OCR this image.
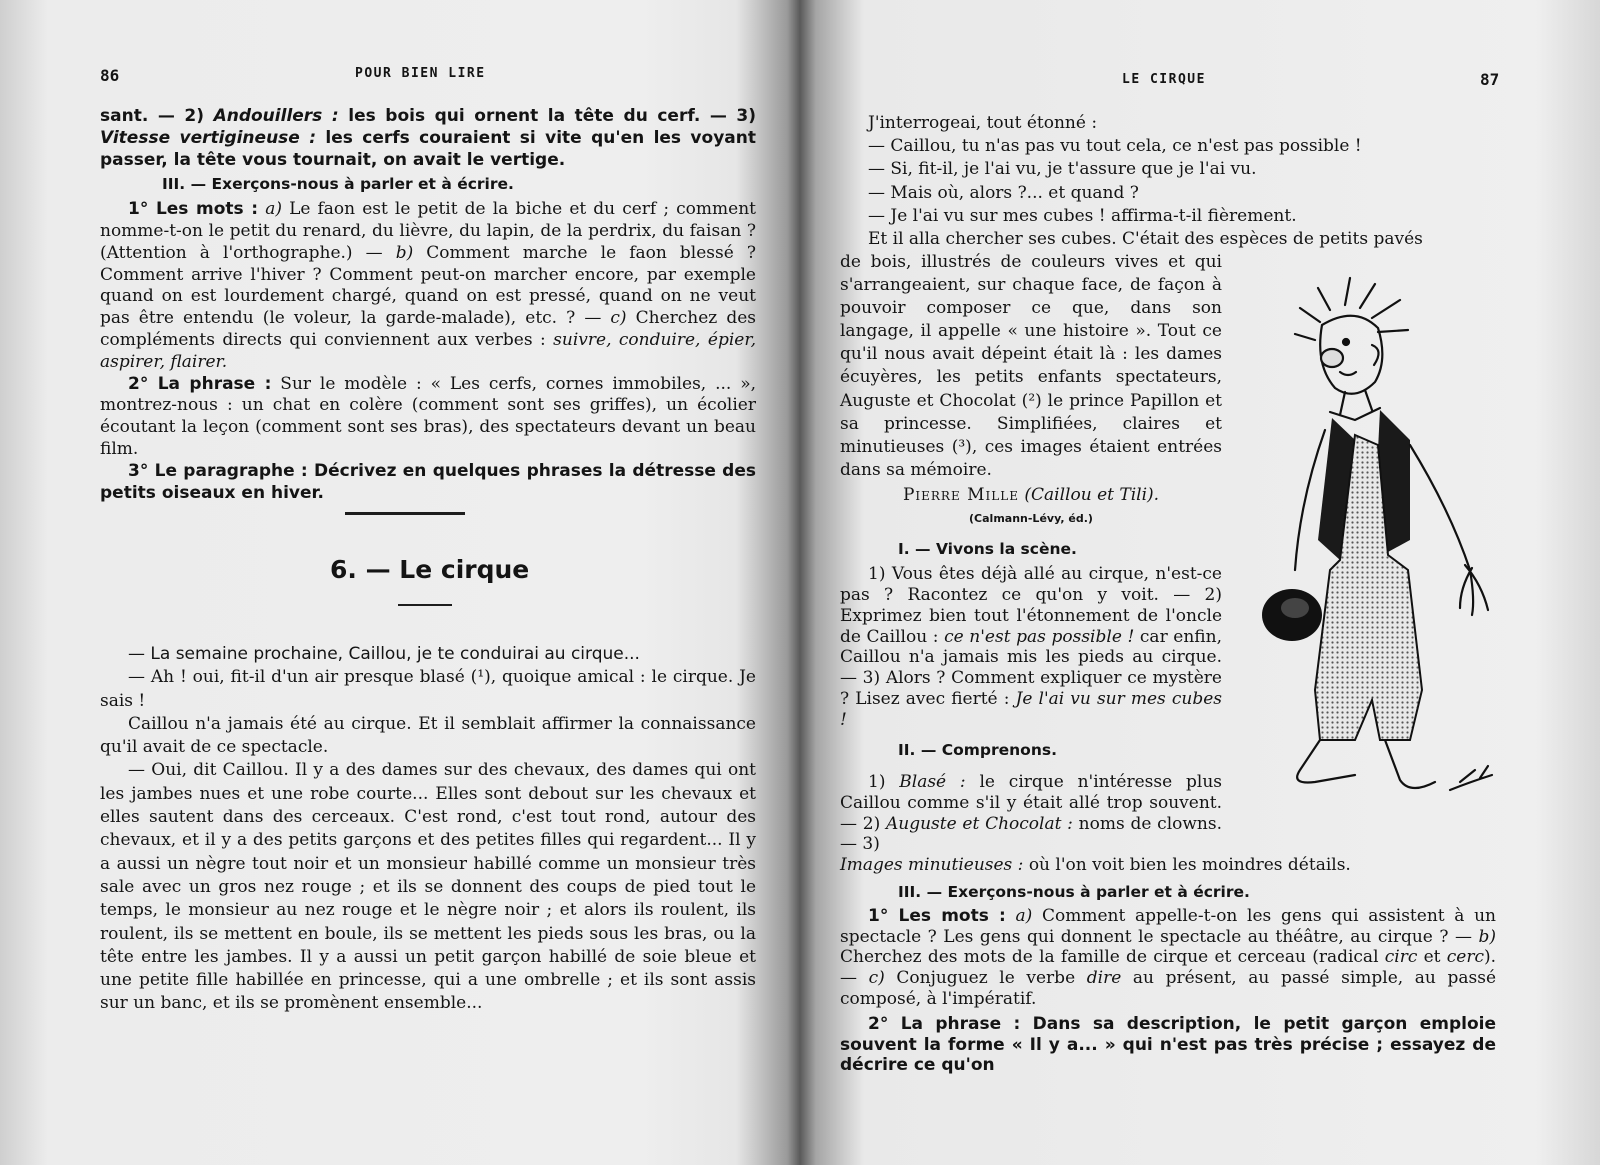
86	POUR BIEN LIRE

sant. — 2) Andouillers : les bois qui ornent la tête du cerf. — 3) Vitesse vertigineuse : les cerfs couraient si vite qu'en les voyant passer, la tête vous tournait, on avait le vertige.

III. — Exerçons-nous à parler et à écrire.

1° Les mots : a) Le faon est le petit de la biche et du cerf ; comment nomme-t-on le petit du renard, du lièvre, du lapin, de la perdrix, du faisan ? (Attention à l'orthographe.) — b) Comment marche le faon blessé ? Comment arrive l'hiver ? Comment peut-on marcher encore, par exemple quand on est lourdement chargé, quand on est pressé, quand on ne veut pas être entendu (le voleur, la garde-malade), etc. ? — c) Cherchez des compléments directs qui conviennent aux verbes : suivre, conduire, épier, aspirer, flairer.

2° La phrase : Sur le modèle : « Les cerfs, cornes immobiles, ... », montrez-nous : un chat en colère (comment sont ses griffes), un écolier écoutant la leçon (comment sont ses bras), des spectateurs devant un beau film.

3° Le paragraphe : Décrivez en quelques phrases la détresse des petits oiseaux en hiver.

6. — Le cirque

— La semaine prochaine, Caillou, je te conduirai au cirque...

— Ah ! oui, fit-il d'un air presque blasé (¹), quoique amical : le cirque. Je sais !

Caillou n'a jamais été au cirque. Et il semblait affirmer la connaissance qu'il avait de ce spectacle.

— Oui, dit Caillou. Il y a des dames sur des chevaux, des dames qui ont les jambes nues et une robe courte... Elles sont debout sur les chevaux et elles sautent dans des cerceaux. C'est rond, c'est tout rond, autour des chevaux, et il y a des petits garçons et des petites filles qui regardent... Il y a aussi un nègre tout noir et un monsieur habillé comme un monsieur très sale avec un gros nez rouge ; et ils se donnent des coups de pied tout le temps, le monsieur au nez rouge et le nègre noir ; et alors ils roulent, ils roulent, ils se mettent en boule, ils se mettent les pieds sous les bras, ou la tête entre les jambes. Il y a aussi un petit garçon habillé de soie bleue et une petite fille habillée en princesse, qui a une ombrelle ; et ils sont assis sur un banc, et ils se promènent ensemble...

LE CIRQUE	87

J'interrogeai, tout étonné :

— Caillou, tu n'as pas vu tout cela, ce n'est pas possible !

— Si, fit-il, je l'ai vu, je t'assure que je l'ai vu.

— Mais où, alors ?... et quand ?

— Je l'ai vu sur mes cubes ! affirma-t-il fièrement.

Et il alla chercher ses cubes. C'était des espèces de petits pavés

de bois, illustrés de couleurs vives et qui s'arrangeaient, sur chaque face, de façon à pouvoir composer ce que, dans son langage, il appelle « une histoire ». Tout ce qu'il nous avait dépeint était là : les dames écuyères, les petits enfants spectateurs, Auguste et Chocolat (²) le prince Papillon et sa princesse. Simplifiées, claires et minutieuses (³), ces images étaient entrées dans sa mémoire.

Pierre Mille (Caillou et Tili).

(Calmann-Lévy, éd.)

I. — Vivons la scène.

1) Vous êtes déjà allé au cirque, n'est-ce pas ? Racontez ce qu'on y voit. — 2) Exprimez bien tout l'étonnement de l'oncle de Caillou : ce n'est pas possible ! car enfin, Caillou n'a jamais mis les pieds au cirque. — 3) Alors ? Comment expliquer ce mystère ? Lisez avec fierté : Je l'ai vu sur mes cubes !

II. — Comprenons.

1) Blasé : le cirque n'intéresse plus Caillou comme s'il y était allé trop souvent. — 2) Auguste et Chocolat : noms de clowns. — 3)

Images minutieuses : où l'on voit bien les moindres détails.

III. — Exerçons-nous à parler et à écrire.

1° Les mots : a) Comment appelle-t-on les gens qui assistent à un spectacle ? Les gens qui donnent le spectacle au théâtre, au cirque ? — b) Cherchez des mots de la famille de cirque et cerceau (radical circ et cerc). — c) Conjuguez le verbe dire au présent, au passé simple, au passé composé, à l'impératif.

2° La phrase : Dans sa description, le petit garçon emploie souvent la forme « Il y a... » qui n'est pas très précise ; essayez de décrire ce qu'on
